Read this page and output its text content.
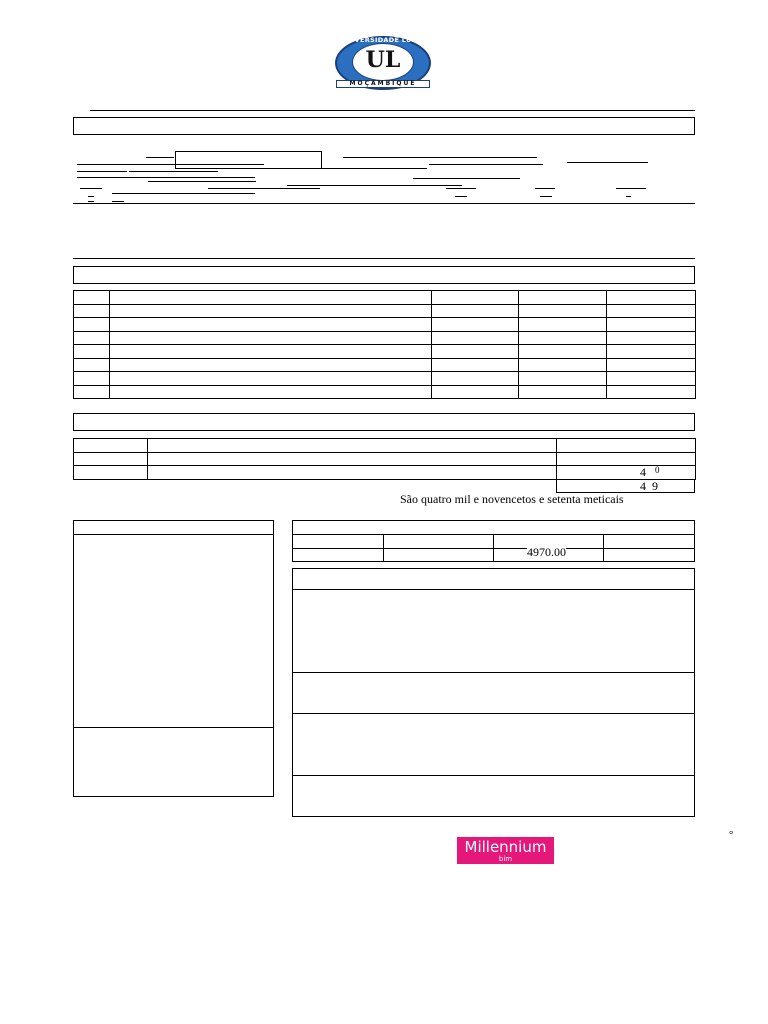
UNIVERSIDADE LÚRIO
UL
MOÇAMBIQUE

4 0
4 9
São quatro mil e novencetos e setenta meticais
4970.00
Millennium
bim
°
